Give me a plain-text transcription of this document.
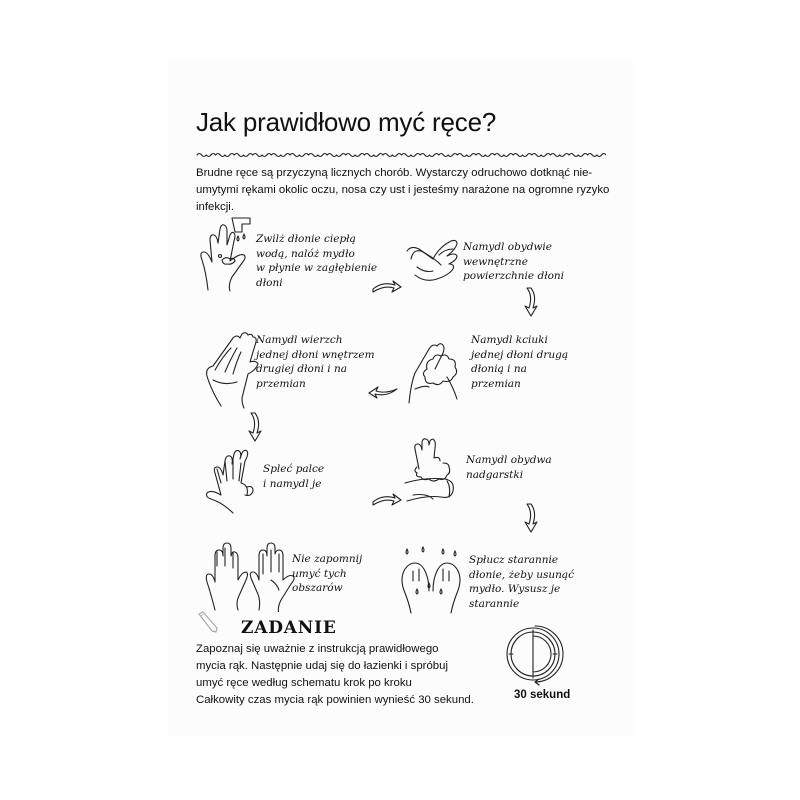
Jak prawidłowo myć ręce?

Brudne ręce są przyczyną licznych chorób. Wystarczy odruchowo dotknąć nie-umytymi rękami okolic oczu, nosa czy ust i jesteśmy narażone na ogromne ryzyko infekcji.

Zwilż dłonie ciepłą
wodą, nalóż mydło
w płynie w zagłębienie
dłoni

Namydl obydwie
wewnętrzne
powierzchnie dłoni

Namydl wierzch
jednej dłoni wnętrzem
drugiej dłoni i na
przemian

Namydl kciuki
jednej dłoni drugą
dłonią i na
przemian

Spleć palce
i namydl je

Namydl obydwa
nadgarstki

Nie zapomnij
umyć tych
obszarów

Spłucz starannie
dłonie, żeby usunąć
mydło. Wysusz je
starannie

ZADANIE

Zapoznaj się uważnie z instrukcją prawidłowego
mycia rąk. Następnie udaj się do łazienki i spróbuj
umyć ręce według schematu krok po kroku
Całkowity czas mycia rąk powinien wynieść 30 sekund.	30 sekund
